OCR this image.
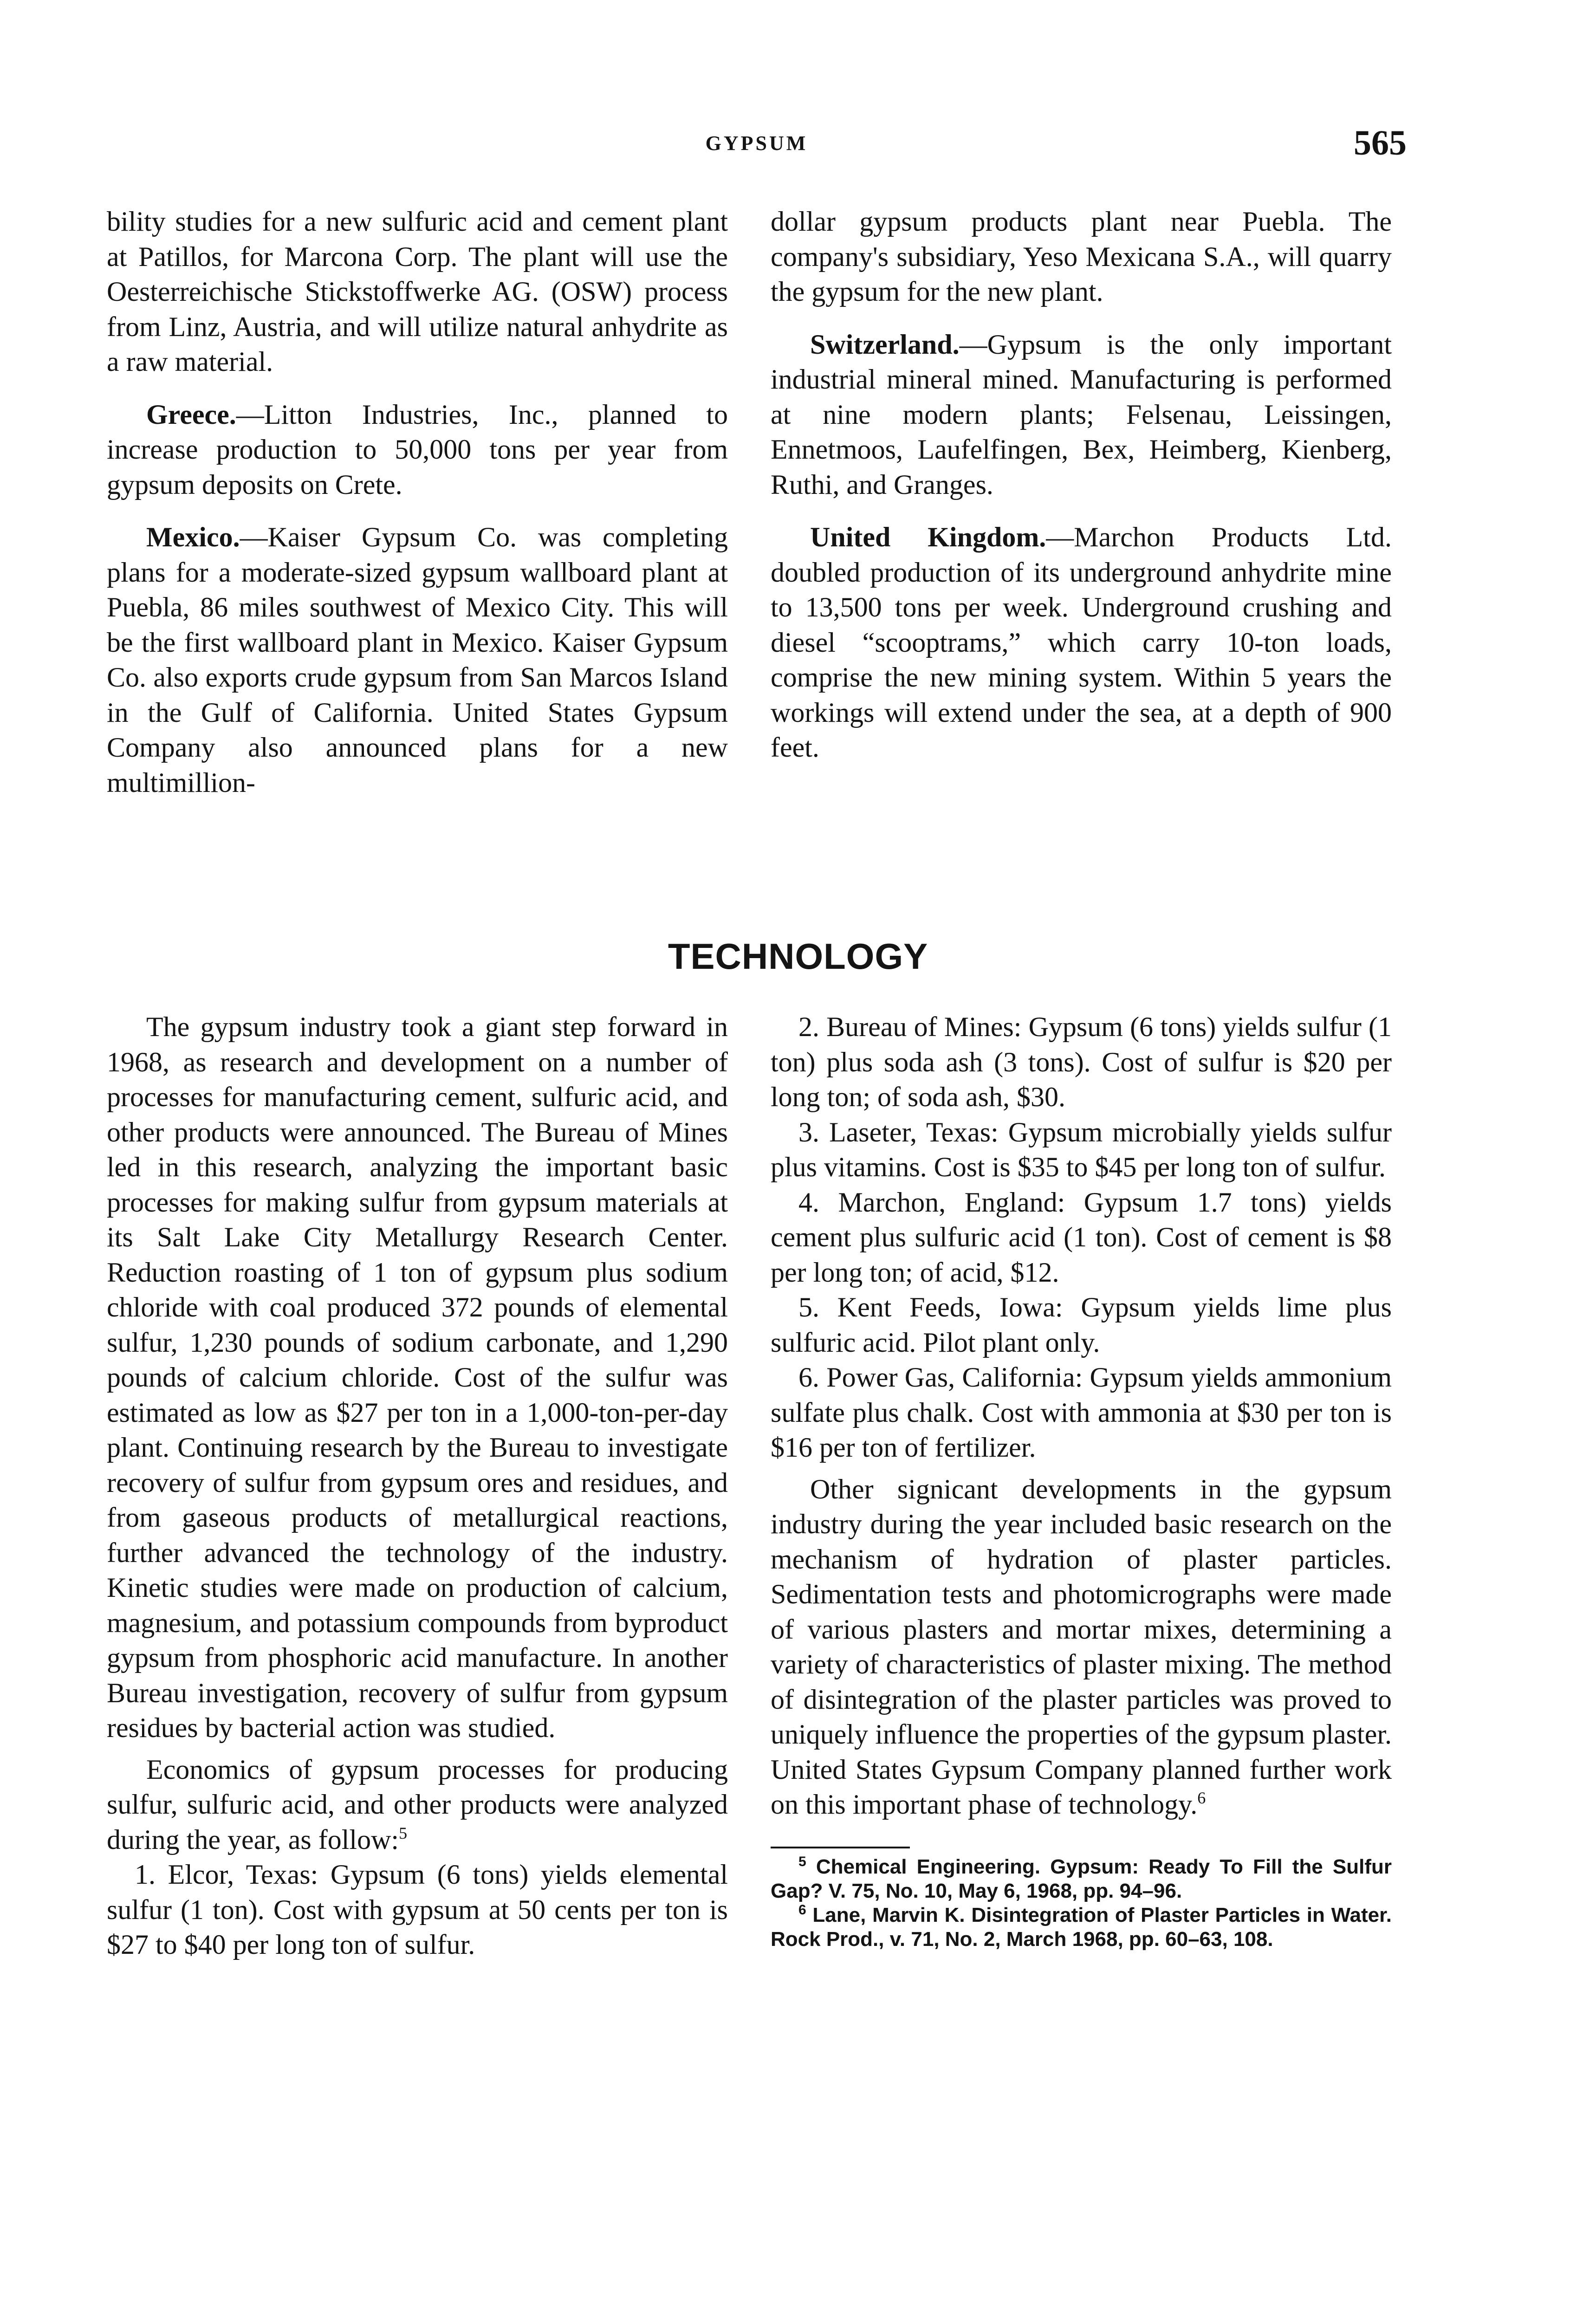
GYPSUM	565

bility studies for a new sulfuric acid and cement plant at Patillos, for Marcona Corp. The plant will use the Oesterreichische Stickstoffwerke AG. (OSW) process from Linz, Austria, and will utilize natural anhydrite as a raw material.

Greece.—Litton Industries, Inc., planned to increase production to 50,000 tons per year from gypsum deposits on Crete.

Mexico.—Kaiser Gypsum Co. was completing plans for a moderate-sized gypsum wallboard plant at Puebla, 86 miles southwest of Mexico City. This will be the first wallboard plant in Mexico. Kaiser Gypsum Co. also exports crude gypsum from San Marcos Island in the Gulf of California. United States Gypsum Company also announced plans for a new multimillion-

dollar gypsum products plant near Puebla. The company's subsidiary, Yeso Mexicana S.A., will quarry the gypsum for the new plant.

Switzerland.—Gypsum is the only important industrial mineral mined. Manufacturing is performed at nine modern plants; Felsenau, Leissingen, Ennetmoos, Laufelfingen, Bex, Heimberg, Kienberg, Ruthi, and Granges.

United Kingdom.—Marchon Products Ltd. doubled production of its underground anhydrite mine to 13,500 tons per week. Underground crushing and diesel “scooptrams,” which carry 10-ton loads, comprise the new mining system. Within 5 years the workings will extend under the sea, at a depth of 900 feet.

TECHNOLOGY

The gypsum industry took a giant step forward in 1968, as research and development on a number of processes for manufacturing cement, sulfuric acid, and other products were announced. The Bureau of Mines led in this research, analyzing the important basic processes for making sulfur from gypsum materials at its Salt Lake City Metallurgy Research Center. Reduction roasting of 1 ton of gypsum plus sodium chloride with coal produced 372 pounds of elemental sulfur, 1,230 pounds of sodium carbonate, and 1,290 pounds of calcium chloride. Cost of the sulfur was estimated as low as $27 per ton in a 1,000-ton-per-day plant. Continuing research by the Bureau to investigate recovery of sulfur from gypsum ores and residues, and from gaseous products of metallurgical reactions, further advanced the technology of the industry. Kinetic studies were made on production of calcium, magnesium, and potassium compounds from byproduct gypsum from phosphoric acid manufacture. In another Bureau investigation, recovery of sulfur from gypsum residues by bacterial action was studied.

Economics of gypsum processes for producing sulfur, sulfuric acid, and other products were analyzed during the year, as follow:$^5$

1. Elcor, Texas: Gypsum (6 tons) yields elemental sulfur (1 ton). Cost with gypsum at 50 cents per ton is $27 to $40 per long ton of sulfur.

2. Bureau of Mines: Gypsum (6 tons) yields sulfur (1 ton) plus soda ash (3 tons). Cost of sulfur is $20 per long ton; of soda ash, $30.

3. Laseter, Texas: Gypsum microbially yields sulfur plus vitamins. Cost is $35 to $45 per long ton of sulfur.

4. Marchon, England: Gypsum 1.7 tons) yields cement plus sulfuric acid (1 ton). Cost of cement is $8 per long ton; of acid, $12.

5. Kent Feeds, Iowa: Gypsum yields lime plus sulfuric acid. Pilot plant only.

6. Power Gas, California: Gypsum yields ammonium sulfate plus chalk. Cost with ammonia at $30 per ton is $16 per ton of fertilizer.

Other signicant developments in the gypsum industry during the year included basic research on the mechanism of hydration of plaster particles. Sedimentation tests and photomicrographs were made of various plasters and mortar mixes, determining a variety of characteristics of plaster mixing. The method of disintegration of the plaster particles was proved to uniquely influence the properties of the gypsum plaster. United States Gypsum Company planned further work on this important phase of technology.$^6$

$^5$ Chemical Engineering. Gypsum: Ready To Fill the Sulfur Gap? V. 75, No. 10, May 6, 1968, pp. 94–96.

$^6$ Lane, Marvin K. Disintegration of Plaster Particles in Water. Rock Prod., v. 71, No. 2, March 1968, pp. 60–63, 108.
